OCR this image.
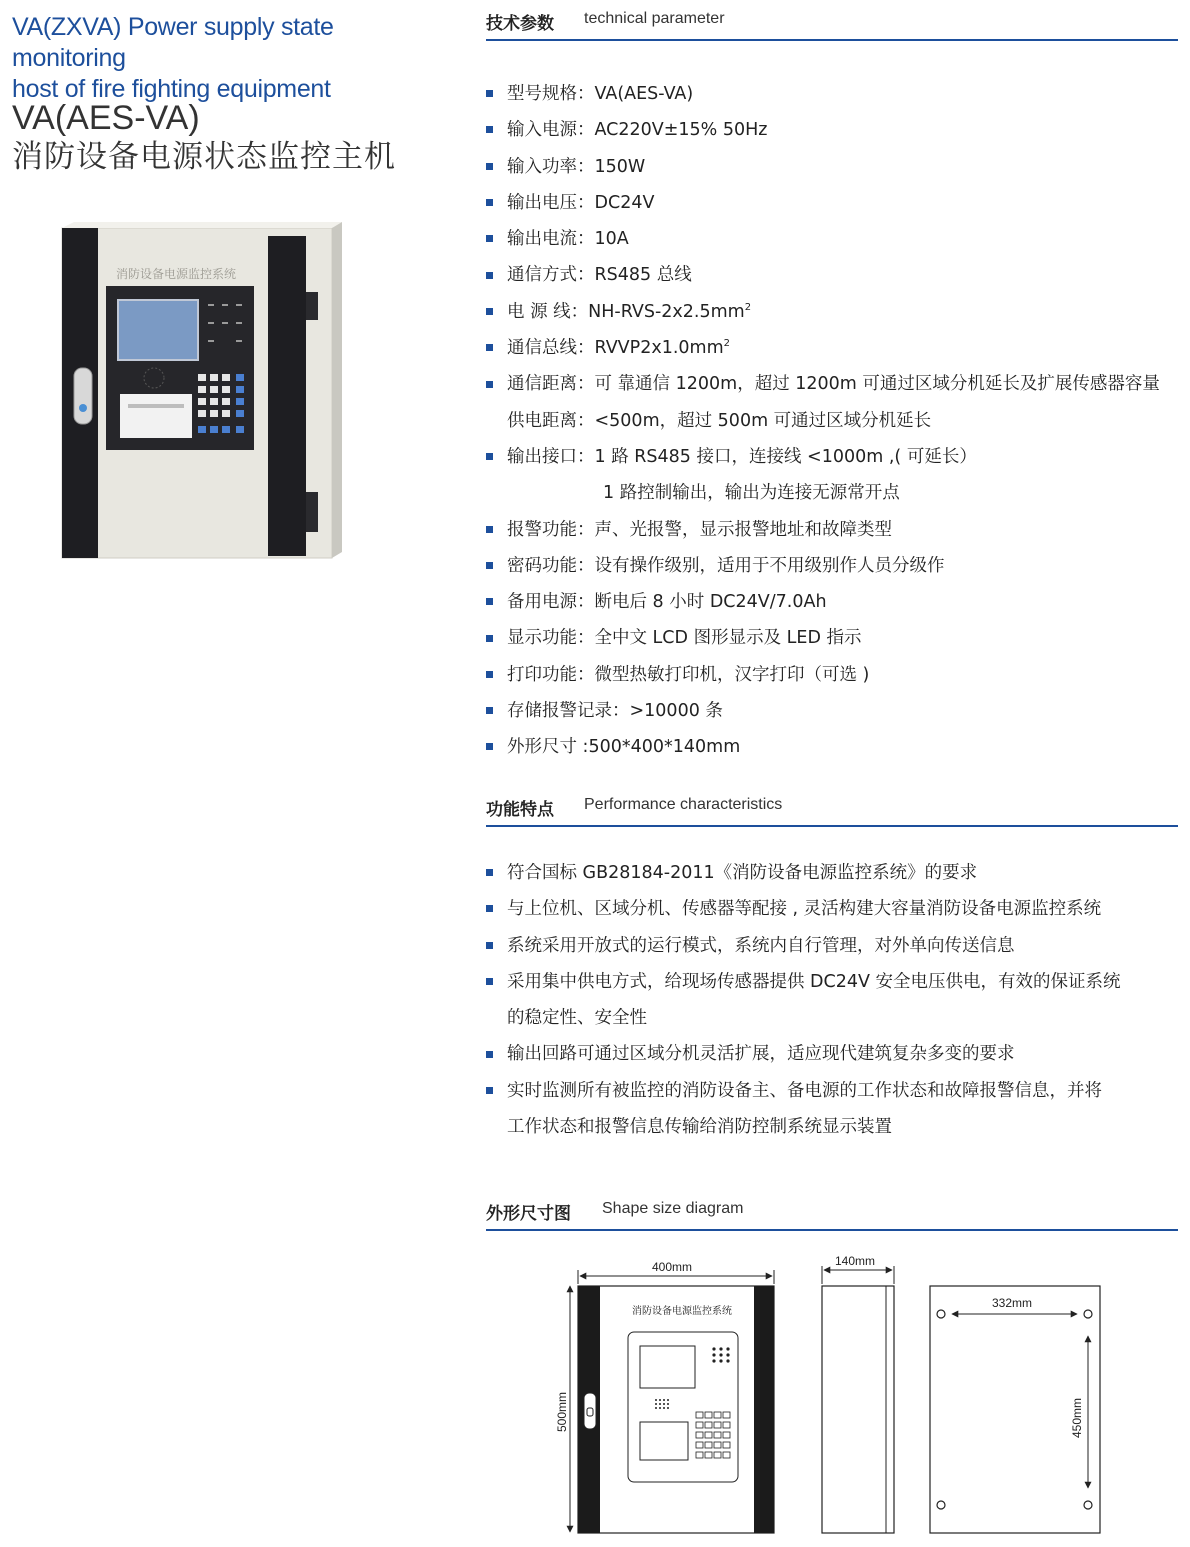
VA(ZXVA) Power supply state monitoring
host of fire fighting equipment
VA(AES-VA)
消防设备电源状态监控主机
消防设备电源监控系统
技术参数 technical parameter
型号规格：VA(AES-VA)
输入电源：AC220V±15% 50Hz
输入功率：150W
输出电压：DC24V
输出电流：10A
通信方式：RS485 总线
电 源 线：$NH-RVS-2x2.5mm^2$
通信总线：$RVVP2x1.0mm^2$
通信距离：可 靠通信 1200m，超过 1200m 可通过区域分机延长及扩展传感器容量
供电距离：<500m，超过 500m 可通过区域分机延长
输出接口：1 路 RS485 接口，连接线 <1000m ,( 可延长）
1 路控制输出，输出为连接无源常开点
报警功能：声、光报警，显示报警地址和故障类型
密码功能：设有操作级别，适用于不用级别作人员分级作
备用电源：断电后 8 小时 DC24V/7.0Ah
显示功能：全中文 LCD 图形显示及 LED 指示
打印功能：微型热敏打印机，汉字打印（可选 )
存储报警记录：>10000 条
外形尺寸 :500*400*140mm
功能特点 Performance characteristics
符合国标 GB28184-2011《消防设备电源监控系统》的要求
与上位机、区域分机、传感器等配接 , 灵活构建大容量消防设备电源监控系统
系统采用开放式的运行模式，系统内自行管理，对外单向传送信息
采用集中供电方式，给现场传感器提供 DC24V 安全电压供电，有效的保证系统
的稳定性、安全性
输出回路可通过区域分机灵活扩展，适应现代建筑复杂多变的要求
实时监测所有被监控的消防设备主、备电源的工作状态和故障报警信息，并将
工作状态和报警信息传输给消防控制系统显示装置
外形尺寸图 Shape size diagram
400mm
500mm
消防设备电源监控系统
140mm
332mm
450mm
